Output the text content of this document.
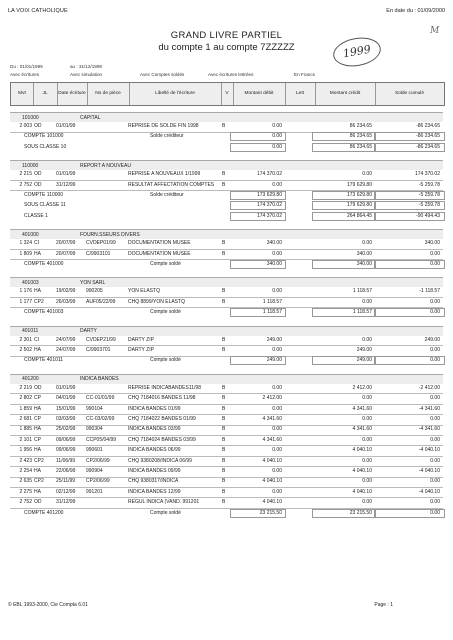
LA VOIX CATHOLIQUE	En date du : 01/09/2000
GRAND LIVRE PARTIEL
du compte 1 au compte 7ZZZZZ	1999
M
Du : 01/01/1999	au : 31/12/1999
Avec écritures	Avec simulation	Avec Comptes soldés	Avec écritures lettrées	En Francs
Mvt	JL	Date écriture	No de pièce	Libellé de l'écriture	V	Montant débit	Lett	Montant crédit	Solde cumulé
101000	CAPITAL
2 003 OD	01/01/99	REPRISE DE SOLDE FIN 1998	B	0.00	86 234.65	-86 234.65
COMPTE 101000	Solde créditeur	0.00	86 234.65	-86 234.65
SOUS CLASSE 10	0.00	86 234.65	-86 234.65
110000	REPORT A NOUVEAU
2 215 OD	01/01/99	REPRISE A NOUVEAUX 1/1999	B	174 370.02	0.00	174 370.02
2 752 OD	31/12/99	RESULTAT AFFECTATION COMPTES	B	0.00	179 629.80	-5 259.78
COMPTE 110000	Solde créditeur	173 629.80	173 629.80	-5 259.78
SOUS CLASSE 11	174 370.02	179 629.80	-5 259.78
CLASSE 1	174 370.02	264 864.45	-90 494.43
401000	FOURN.SSEURS DIVERS
1 324 CI	20/07/99	CVDEP01/99	DOCUMENTATION MUSEE	B	340.00	0.00	340.00
1 809 HA	20/07/99	C/9903101	DOCUMENTATION MUSEE	B	0.00	340.00	0.00
COMPTE 401000	Compte soldé	340.00	340.00	0.00
401003	YON SARL
1 176 HA	19/02/99	990205	YON ELASTQ	B	0.00	1 118.57	-1 118.57
1 177 CP2	26/03/99	AUF05/22/99	CHQ 8899/YON ELASTQ	B	1 118.57	0.00	0.00
COMPTE 401003	Compte soldé	1 118.57	1 118.57	0.00
401011	DARTY
2 301 CI	24/07/99	CVDEP21/99	DARTY ZIP	B	249.00	0.00	249.00
2 502 HA	24/07/99	C/9903701	DARTY ZIP	B	0.00	249.00	0.00
COMPTE 401011	Compte soldé	249.00	249.00	0.00
401200	INDICA BANDES
2 219 OD	01/01/99	REPRISE INDICABANDES11/98	B	0.00	2 412.00	-2 412.00
2 802 CP	04/01/99	CC-01/01/99	CHQ 7184016 BANDES 11/98	B	2 412.00	0.00	0.00
1 859 HA	15/01/99	990104	INDICA BANDES 01/99	B	0.00	4 341.60	-4 341.60
2 681 CP	03/03/99	CC-03/02/99	CHQ 7184022 BANDES 01/99	B	4 341.60	0.00	0.00
1 885 HA	25/02/99	990304	INDICA BANDES 03/99	B	0.00	4 341.60	-4 341.60
2 101 CP	09/06/99	CCP05/04/99	CHQ 7184024 BANDES 03/99	B	4 341.60	0.00	0.00
1 956 HA	09/06/99	990601	INDICA BANDES 06/99	B	0.00	4 040.10	-4 040.10
2 423 CP2	11/06/99	CP2/06/99	CHQ 9380208/INDICA 06/99	B	4 040.10	0.00	0.00
2 254 HA	22/06/99	990904	INDICA BANDES 09/99	B	0.00	4 040.10	-4 040.10
2 635 CP2	25/11/99	CP2/06/99	CHQ 9380317/INDICA	B	4 040.10	0.00	0.00
2 275 HA	02/12/99	991201	INDICA BANDES 12/99	B	0.00	4 040.10	-4 040.10
2 752 OD	31/12/99	REGUL INDICA (VAND. 991201	B	4 040.10	0.00	0.00
COMPTE 401200	Compte soldé	23 215.50	23 215.50	0.00
© EBL 1993-2000, Cie Compta 6.01	Page : 1
